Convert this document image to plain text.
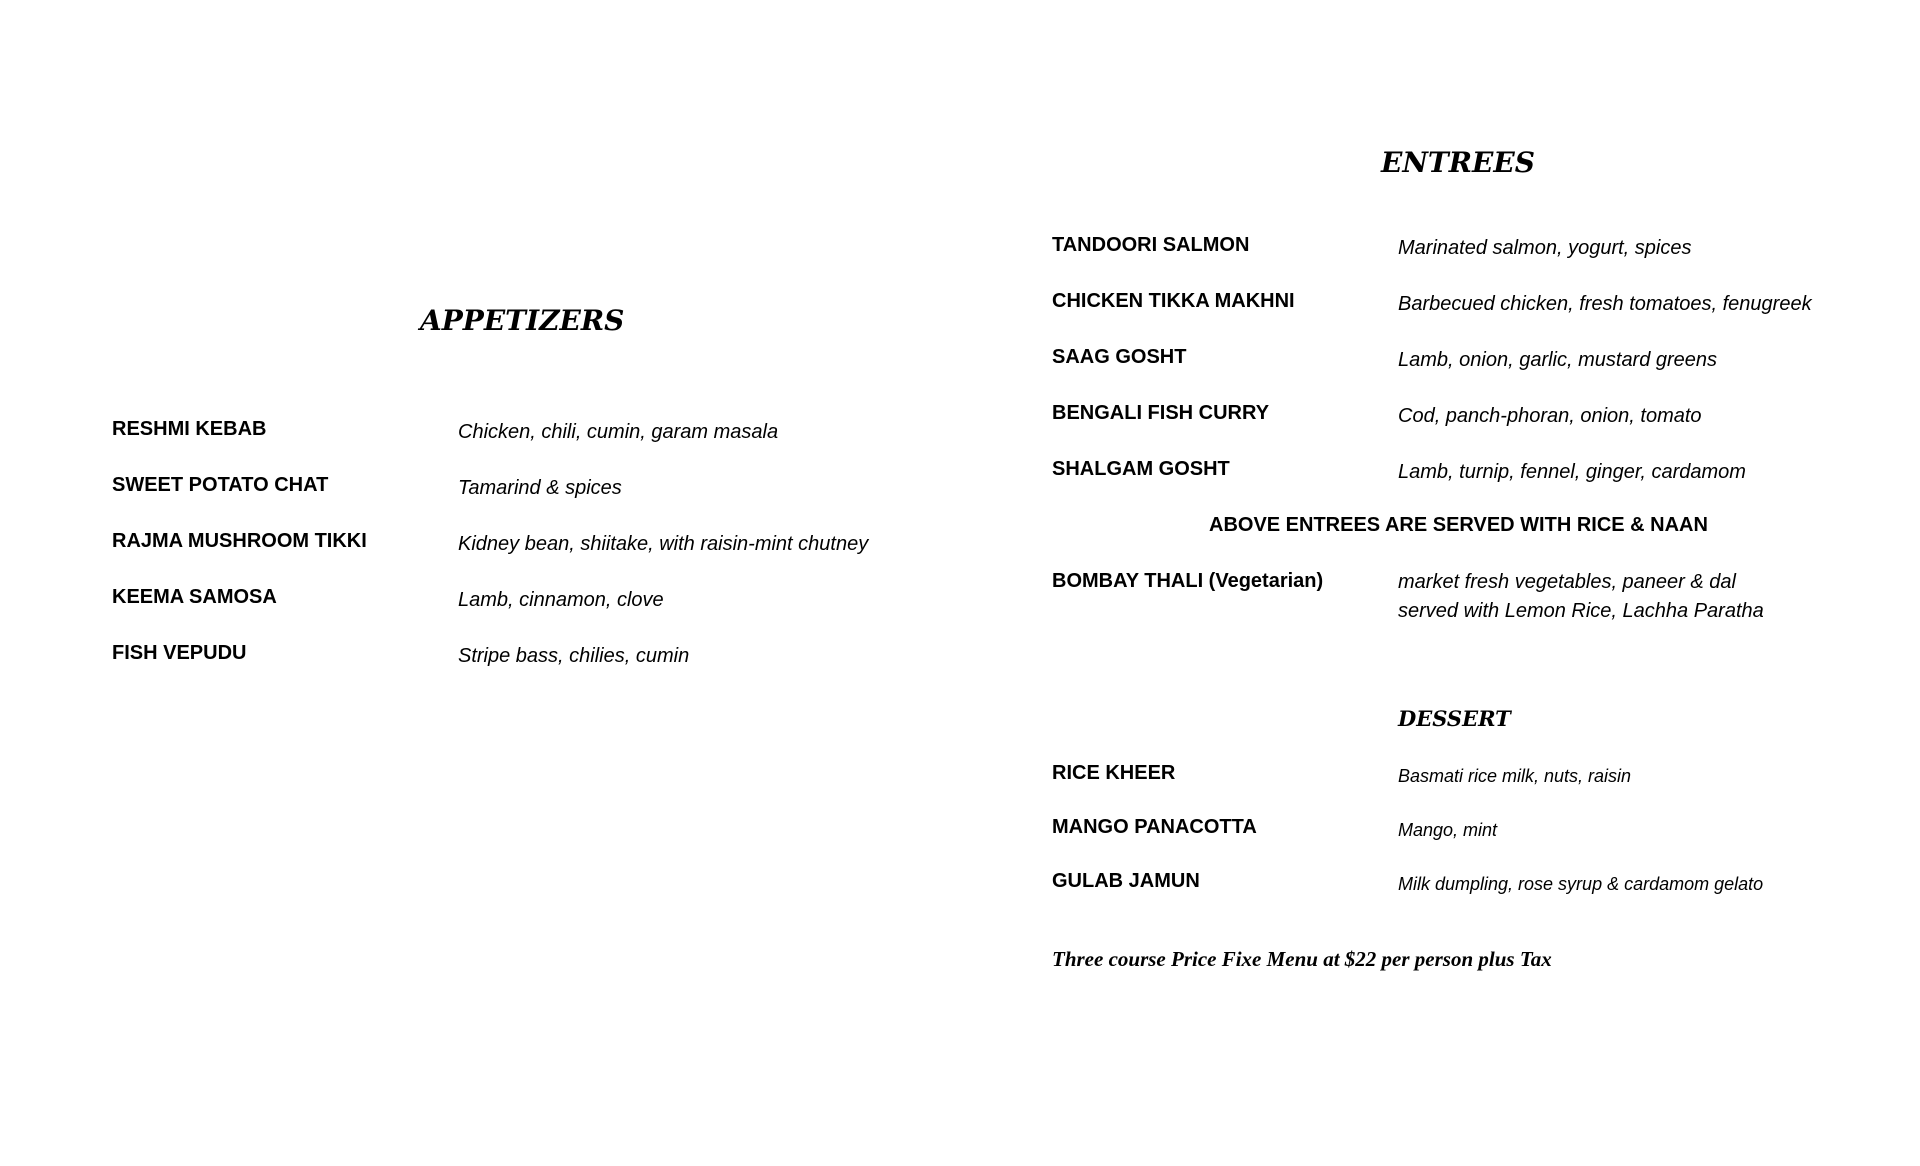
APPETIZERS
RESHMI KEBAB	Chicken, chili, cumin, garam masala
SWEET POTATO CHAT	Tamarind & spices
RAJMA MUSHROOM TIKKI	Kidney bean, shiitake, with raisin-mint chutney
KEEMA SAMOSA	Lamb, cinnamon, clove
FISH VEPUDU	Stripe bass, chilies, cumin
ENTREES
TANDOORI SALMON	Marinated salmon, yogurt, spices
CHICKEN TIKKA MAKHNI	Barbecued chicken, fresh tomatoes, fenugreek
SAAG GOSHT	Lamb, onion, garlic, mustard greens
BENGALI FISH CURRY	Cod, panch-phoran, onion, tomato
SHALGAM GOSHT	Lamb, turnip, fennel, ginger, cardamom
ABOVE ENTREES ARE SERVED WITH RICE & NAAN
BOMBAY THALI (Vegetarian)	market fresh vegetables, paneer & dal
served with Lemon Rice, Lachha Paratha
DESSERT
RICE KHEER	Basmati rice milk, nuts, raisin
MANGO PANACOTTA	Mango, mint
GULAB JAMUN	Milk dumpling, rose syrup & cardamom gelato
Three course Price Fixe Menu at $22 per person plus Tax
